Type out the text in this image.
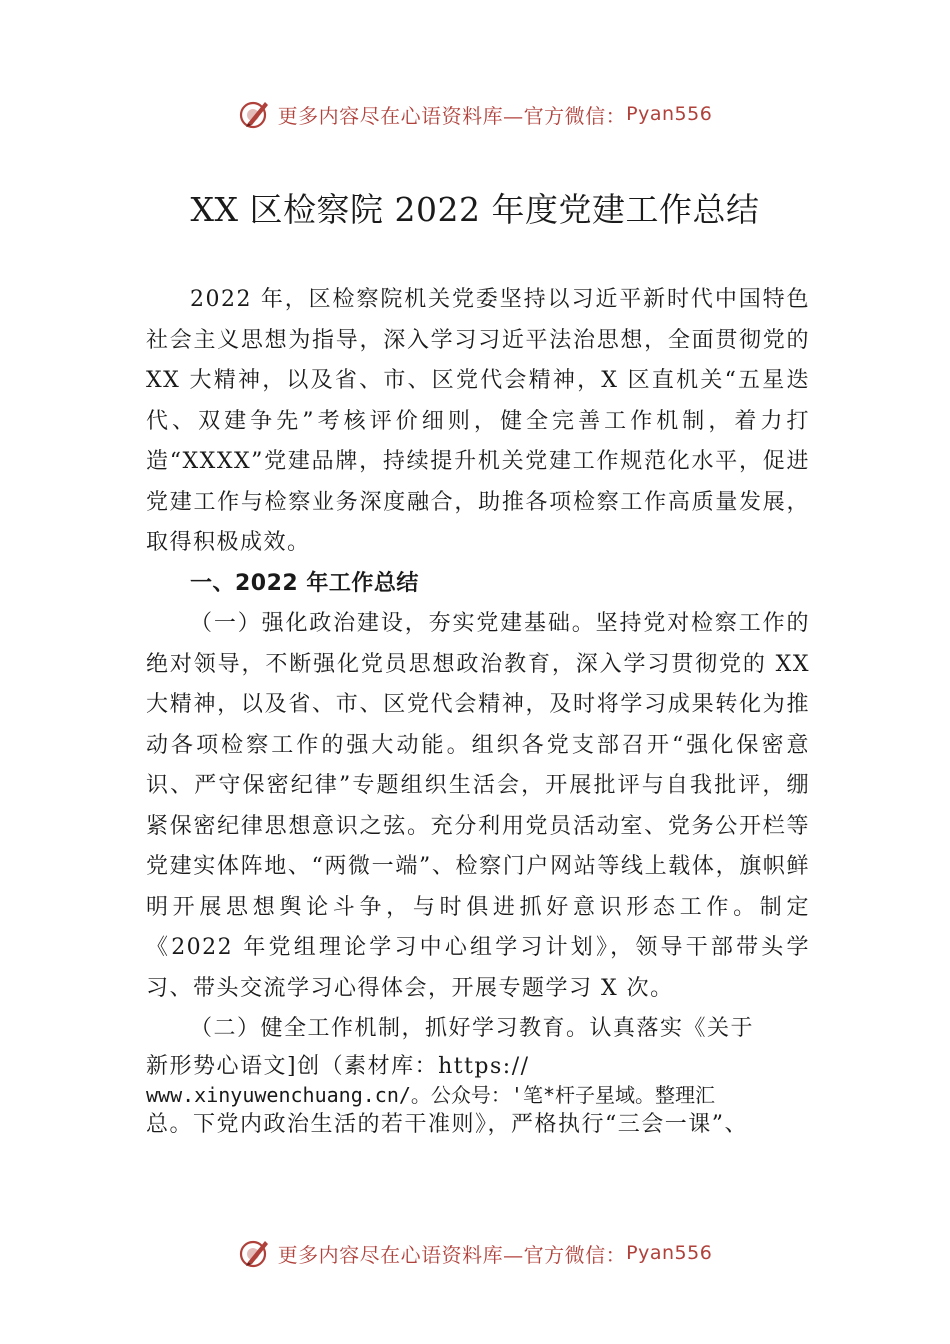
更多内容尽在心语资料库—官方微信： Pyan556
XX 区检察院 2022 年度党建工作总结

2022 年，区检察院机关党委坚持以习近平新时代中国特色社会主义思想为指导，深入学习习近平法治思想，全面贯彻党的 XX 大精神，以及省、市、区党代会精神，X 区直机关“五星迭代、双建争先”考核评价细则，健全完善工作机制，着力打造“XXXX”党建品牌，持续提升机关党建工作规范化水平，促进党建工作与检察业务深度融合，助推各项检察工作高质量发展，取得积极成效。

一、2022 年工作总结

（一）强化政治建设，夯实党建基础。坚持党对检察工作的绝对领导，不断强化党员思想政治教育，深入学习贯彻党的 XX 大精神，以及省、市、区党代会精神，及时将学习成果转化为推动各项检察工作的强大动能。组织各党支部召开“强化保密意识、严守保密纪律”专题组织生活会，开展批评与自我批评，绷紧保密纪律思想意识之弦。充分利用党员活动室、党务公开栏等党建实体阵地、“两微一端”、检察门户网站等线上载体，旗帜鲜明开展思想舆论斗争，与时俱进抓好意识形态工作。制定《2022 年党组理论学习中心组学习计划》，领导干部带头学习、带头交流学习心得体会，开展专题学习 X 次。

（二）健全工作机制，抓好学习教育。认真落实《关于

新形势心语文]创（素材库：https://
www.xinyuwenchuang.cn/。公众号：'笔*杆子星域。整理汇
总。下党内政治生活的若干准则》，严格执行“三会一课”、
更多内容尽在心语资料库—官方微信： Pyan556
